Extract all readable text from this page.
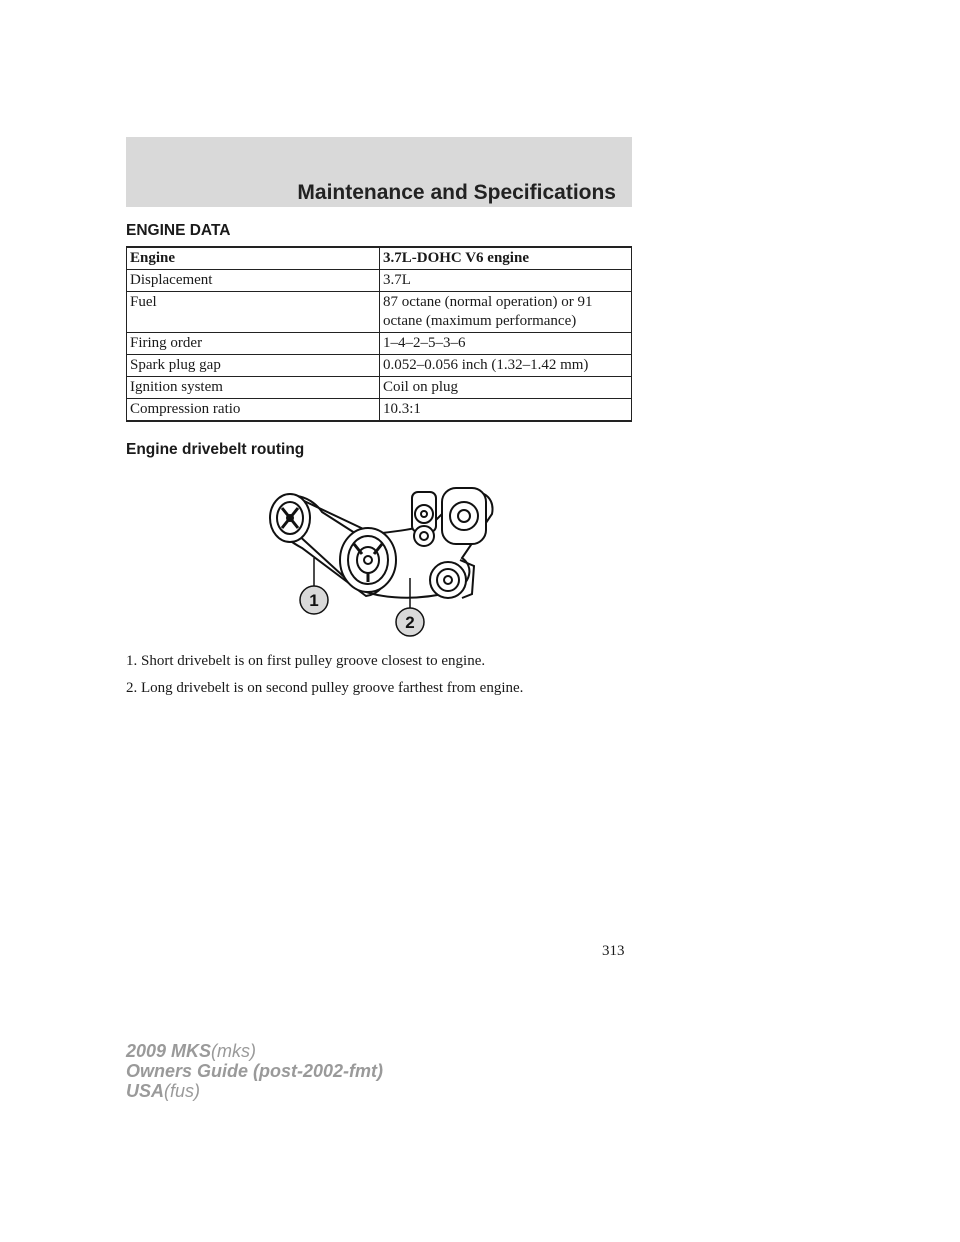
Maintenance and Specifications
ENGINE DATA
Engine	3.7L-DOHC V6 engine
Displacement	3.7L
Fuel	87 octane (normal operation) or 91 octane (maximum performance)
Firing order	1–4–2–5–3–6
Spark plug gap	0.052–0.056 inch (1.32–1.42 mm)
Ignition system	Coil on plug
Compression ratio	10.3:1
Engine drivebelt routing
1
2
1. Short drivebelt is on first pulley groove closest to engine.
2. Long drivebelt is on second pulley groove farthest from engine.
313
2009 MKS(mks)
Owners Guide (post-2002-fmt)
USA(fus)
